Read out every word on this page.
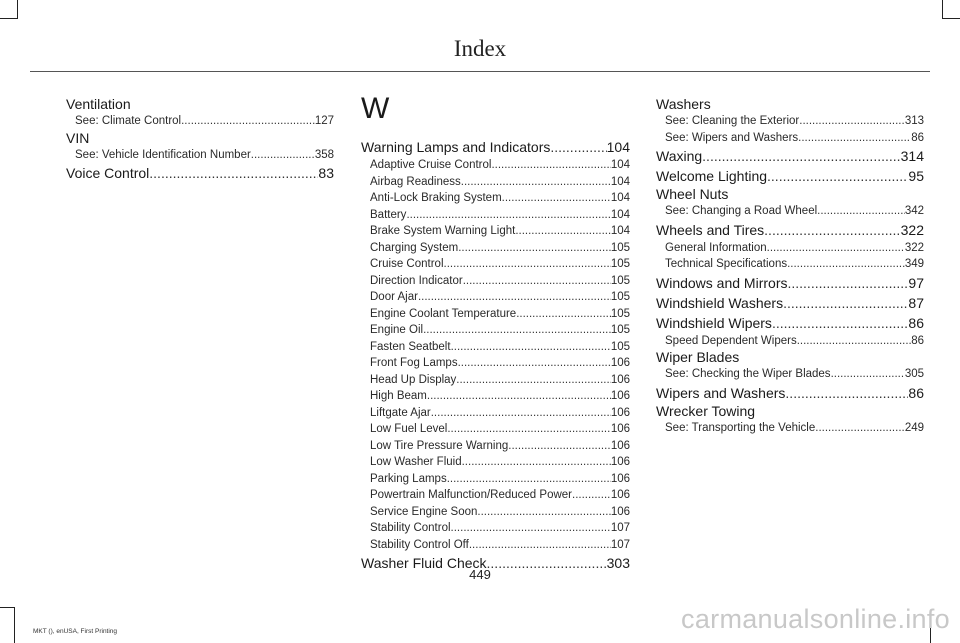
Index
Ventilation
See: Climate Control .....	127
VIN
See: Vehicle Identification Number .....	358
Voice Control .....	83
W
Warning Lamps and Indicators .....	104
Adaptive Cruise Control .....	104
Airbag Readiness .....	104
Anti-Lock Braking System .....	104
Battery .....	104
Brake System Warning Light .....	104
Charging System .....	105
Cruise Control .....	105
Direction Indicator .....	105
Door Ajar .....	105
Engine Coolant Temperature .....	105
Engine Oil .....	105
Fasten Seatbelt .....	105
Front Fog Lamps .....	106
Head Up Display .....	106
High Beam .....	106
Liftgate Ajar .....	106
Low Fuel Level .....	106
Low Tire Pressure Warning .....	106
Low Washer Fluid .....	106
Parking Lamps .....	106
Powertrain Malfunction/Reduced Power .....	106
Service Engine Soon .....	106
Stability Control .....	107
Stability Control Off .....	107
Washer Fluid Check .....	303
Washers
See: Cleaning the Exterior .....	313
See: Wipers and Washers .....	86
Waxing .....	314
Welcome Lighting .....	95
Wheel Nuts
See: Changing a Road Wheel .....	342
Wheels and Tires .....	322
General Information .....	322
Technical Specifications .....	349
Windows and Mirrors .....	97
Windshield Washers .....	87
Windshield Wipers .....	86
Speed Dependent Wipers .....	86
Wiper Blades
See: Checking the Wiper Blades .....	305
Wipers and Washers .....	86
Wrecker Towing
See: Transporting the Vehicle .....	249
449
MKT (), enUSA, First Printing	carmanualsonline.info
